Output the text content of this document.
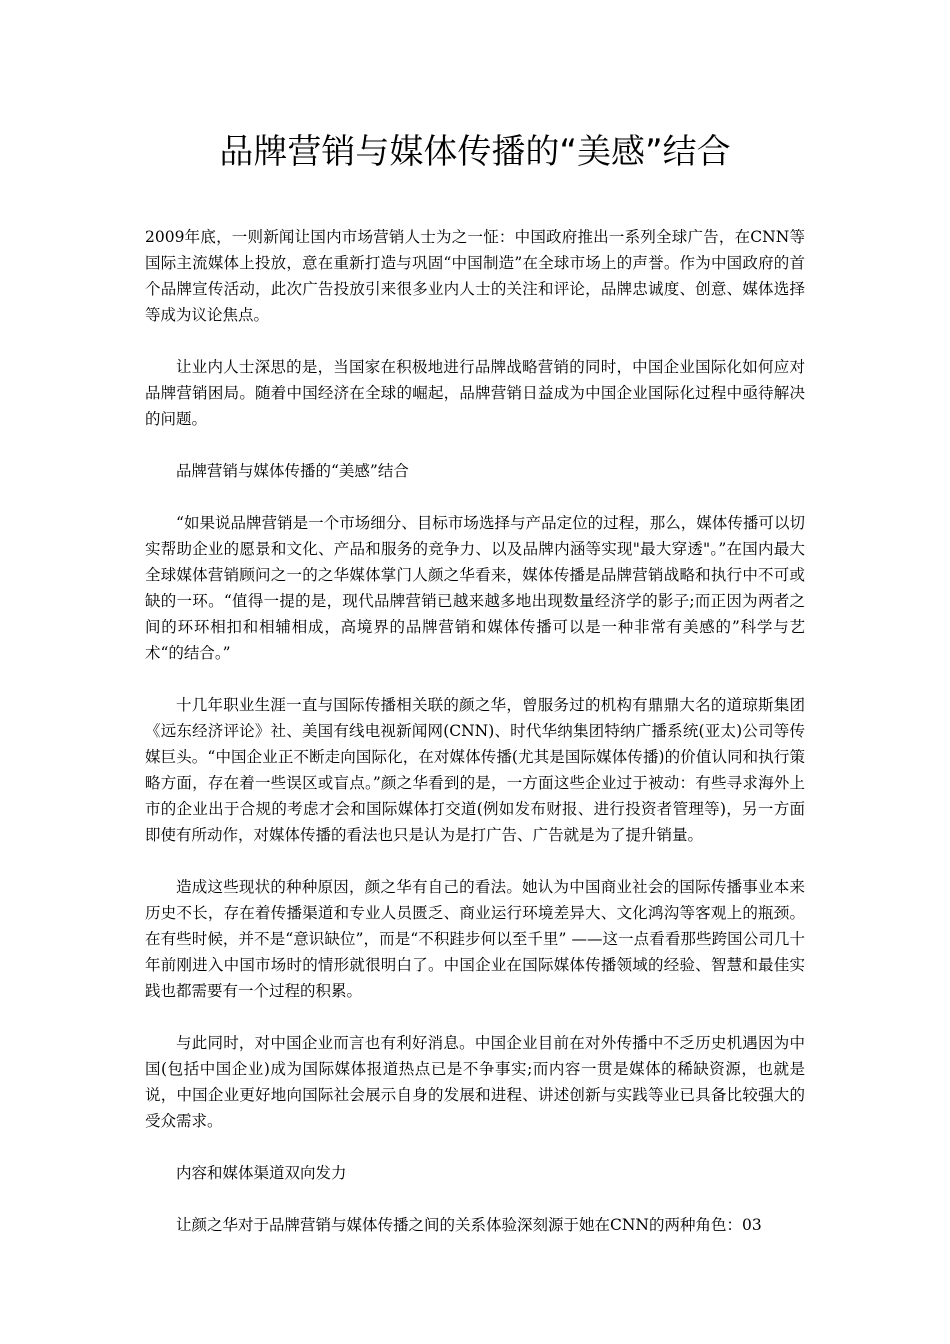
品牌营销与媒体传播的“美感”结合

2009年底，一则新闻让国内市场营销人士为之一怔：中国政府推出一系列全球广告，在CNN等国际主流媒体上投放，意在重新打造与巩固“中国制造”在全球市场上的声誉。作为中国政府的首个品牌宣传活动，此次广告投放引来很多业内人士的关注和评论，品牌忠诚度、创意、媒体选择等成为议论焦点。

让业内人士深思的是，当国家在积极地进行品牌战略营销的同时，中国企业国际化如何应对品牌营销困局。随着中国经济在全球的崛起，品牌营销日益成为中国企业国际化过程中亟待解决的问题。

品牌营销与媒体传播的“美感”结合

“如果说品牌营销是一个市场细分、目标市场选择与产品定位的过程，那么，媒体传播可以切实帮助企业的愿景和文化、产品和服务的竞争力、以及品牌内涵等实现"最大穿透"。”在国内最大全球媒体营销顾问之一的之华媒体掌门人颜之华看来，媒体传播是品牌营销战略和执行中不可或缺的一环。“值得一提的是，现代品牌营销已越来越多地出现数量经济学的影子;而正因为两者之间的环环相扣和相辅相成，高境界的品牌营销和媒体传播可以是一种非常有美感的”科学与艺术“的结合。”

十几年职业生涯一直与国际传播相关联的颜之华，曾服务过的机构有鼎鼎大名的道琼斯集团《远东经济评论》社、美国有线电视新闻网(CNN)、时代华纳集团特纳广播系统(亚太)公司等传媒巨头。“中国企业正不断走向国际化，在对媒体传播(尤其是国际媒体传播)的价值认同和执行策略方面，存在着一些误区或盲点。”颜之华看到的是，一方面这些企业过于被动：有些寻求海外上市的企业出于合规的考虑才会和国际媒体打交道(例如发布财报、进行投资者管理等)，另一方面即使有所动作，对媒体传播的看法也只是认为是打广告、广告就是为了提升销量。

造成这些现状的种种原因，颜之华有自己的看法。她认为中国商业社会的国际传播事业本来历史不长，存在着传播渠道和专业人员匮乏、商业运行环境差异大、文化鸿沟等客观上的瓶颈。在有些时候，并不是“意识缺位”，而是“不积跬步何以至千里” ——这一点看看那些跨国公司几十年前刚进入中国市场时的情形就很明白了。中国企业在国际媒体传播领域的经验、智慧和最佳实践也都需要有一个过程的积累。

与此同时，对中国企业而言也有利好消息。中国企业目前在对外传播中不乏历史机遇因为中国(包括中国企业)成为国际媒体报道热点已是不争事实;而内容一贯是媒体的稀缺资源，也就是说，中国企业更好地向国际社会展示自身的发展和进程、讲述创新与实践等业已具备比较强大的受众需求。

内容和媒体渠道双向发力

让颜之华对于品牌营销与媒体传播之间的关系体验深刻源于她在CNN的两种角色：03
